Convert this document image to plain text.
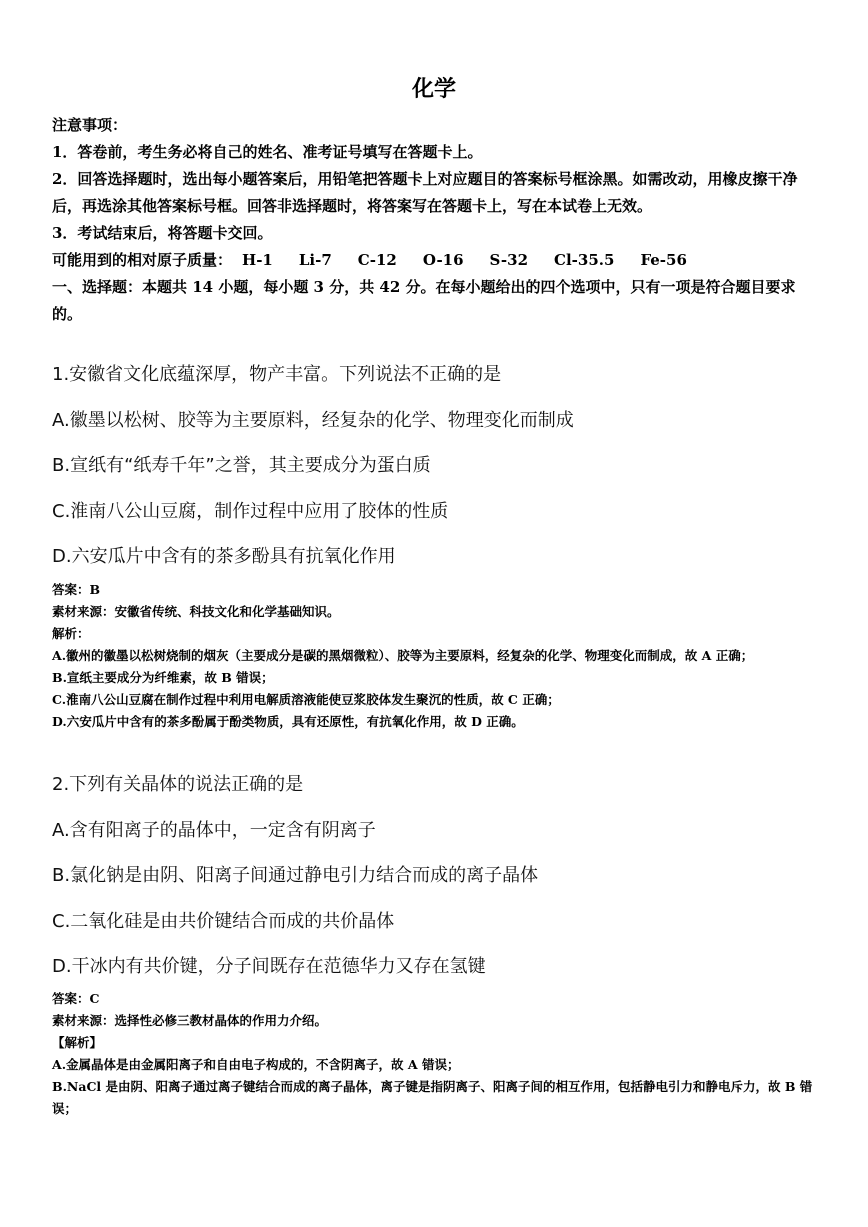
化学

注意事项：

1．答卷前，考生务必将自己的姓名、准考证号填写在答题卡上。

2．回答选择题时，选出每小题答案后，用铅笔把答题卡上对应题目的答案标号框涂黑。如需改动，用橡皮擦干净后，再选涂其他答案标号框。回答非选择题时，将答案写在答题卡上，写在本试卷上无效。

3．考试结束后，将答题卡交回。

可能用到的相对原子质量： H-1 Li-7 C-12 O-16 S-32 Cl-35.5 Fe-56

一、选择题：本题共 14 小题，每小题 3 分，共 42 分。在每小题给出的四个选项中，只有一项是符合题目要求的。

1.安徽省文化底蕴深厚，物产丰富。下列说法不正确的是

A.徽墨以松树、胶等为主要原料，经复杂的化学、物理变化而制成

B.宣纸有“纸寿千年”之誉，其主要成分为蛋白质

C.淮南八公山豆腐，制作过程中应用了胶体的性质

D.六安瓜片中含有的茶多酚具有抗氧化作用

答案：B

素材来源：安徽省传统、科技文化和化学基础知识。

解析：

A.徽州的徽墨以松树烧制的烟灰（主要成分是碳的黑烟微粒）、胶等为主要原料，经复杂的化学、物理变化而制成，故 A 正确；

B.宣纸主要成分为纤维素，故 B 错误；

C.淮南八公山豆腐在制作过程中利用电解质溶液能使豆浆胶体发生聚沉的性质，故 C 正确；

D.六安瓜片中含有的茶多酚属于酚类物质，具有还原性，有抗氧化作用，故 D 正确。

2.下列有关晶体的说法正确的是

A.含有阳离子的晶体中，一定含有阴离子

B.氯化钠是由阴、阳离子间通过静电引力结合而成的离子晶体

C.二氧化硅是由共价键结合而成的共价晶体

D.干冰内有共价键，分子间既存在范德华力又存在氢键

答案：C

素材来源：选择性必修三教材晶体的作用力介绍。

【解析】

A.金属晶体是由金属阳离子和自由电子构成的，不含阴离子，故 A 错误；

B.NaCl 是由阴、阳离子通过离子键结合而成的离子晶体，离子键是指阴离子、阳离子间的相互作用，包括静电引力和静电斥力，故 B 错误；
